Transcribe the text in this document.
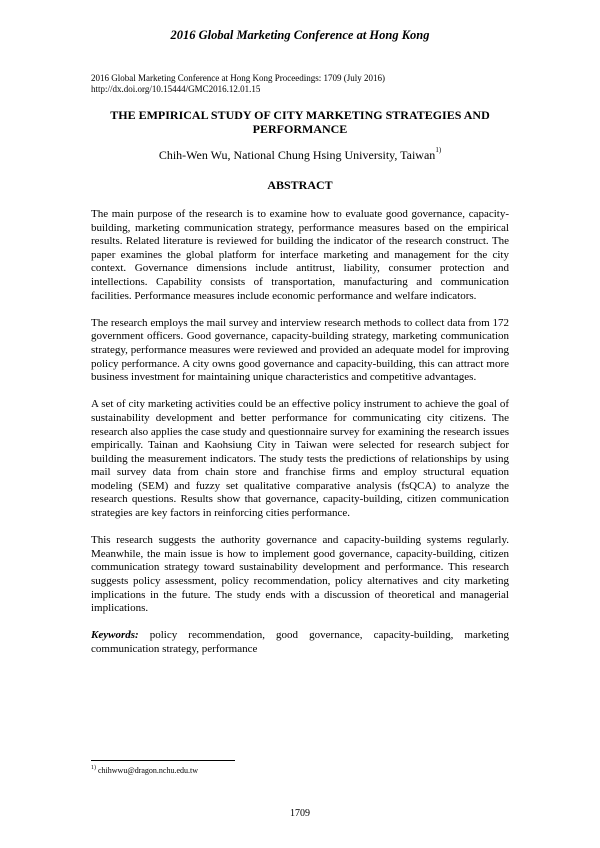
2016 Global Marketing Conference at Hong Kong
2016 Global Marketing Conference at Hong Kong Proceedings: 1709 (July 2016)
http://dx.doi.org/10.15444/GMC2016.12.01.15
THE EMPIRICAL STUDY OF CITY MARKETING STRATEGIES AND
PERFORMANCE
Chih-Wen Wu, National Chung Hsing University, Taiwan$^{1)}$
ABSTRACT

The main purpose of the research is to examine how to evaluate good governance, capacity-building, marketing communication strategy, performance measures based on the empirical results. Related literature is reviewed for building the indicator of the research construct. The paper examines the global platform for interface marketing and management for the city context. Governance dimensions include antitrust, liability, consumer protection and intellections. Capability consists of transportation, manufacturing and communication facilities. Performance measures include economic performance and welfare indicators.

The research employs the mail survey and interview research methods to collect data from 172 government officers. Good governance, capacity-building strategy, marketing communication strategy, performance measures were reviewed and provided an adequate model for improving policy performance. A city owns good governance and capacity-building, this can attract more business investment for maintaining unique characteristics and competitive advantages.

A set of city marketing activities could be an effective policy instrument to achieve the goal of sustainability development and better performance for communicating city citizens. The research also applies the case study and questionnaire survey for examining the research issues empirically. Tainan and Kaohsiung City in Taiwan were selected for research subject for building the measurement indicators. The study tests the predictions of relationships by using mail survey data from chain store and franchise firms and employ structural equation modeling (SEM) and fuzzy set qualitative comparative analysis (fsQCA) to analyze the research questions. Results show that governance, capacity-building, citizen communication strategies are key factors in reinforcing cities performance.

This research suggests the authority governance and capacity-building systems regularly. Meanwhile, the main issue is how to implement good governance, capacity-building, citizen communication strategy toward sustainability development and performance. This research suggests policy assessment, policy recommendation, policy alternatives and city marketing implications in the future. The study ends with a discussion of theoretical and managerial implications.

Keywords: policy recommendation, good governance, capacity-building, marketing communication strategy, performance

$^{1)}$ chihwwu@dragon.nchu.edu.tw
1709
